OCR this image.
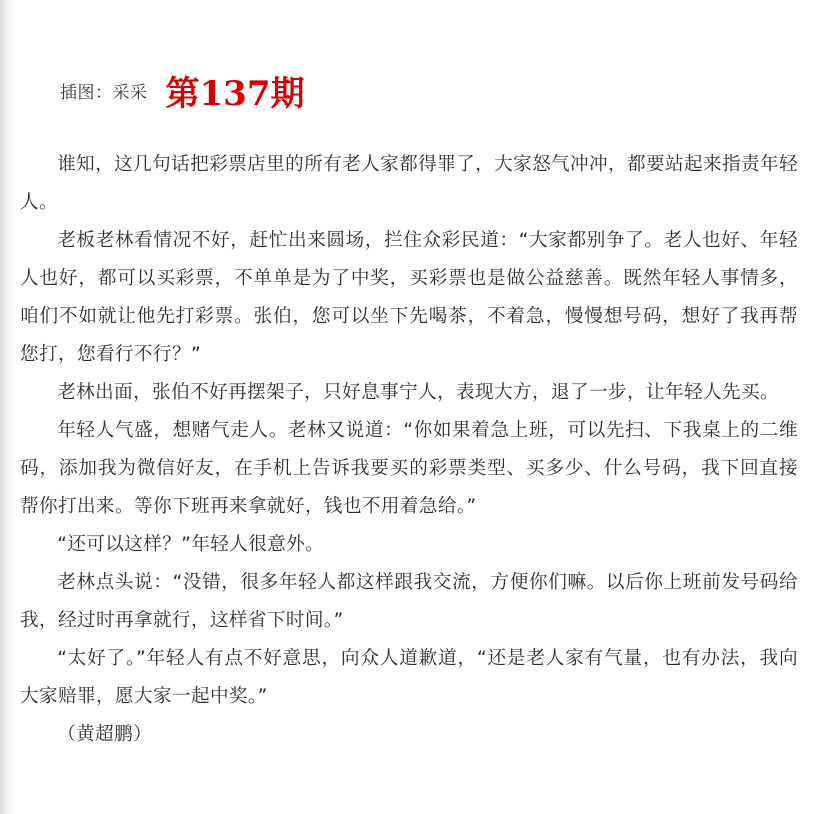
插图：采采 第137期

谁知，这几句话把彩票店里的所有老人家都得罪了，大家怒气冲冲，都要站起来指责年轻人。

老板老林看情况不好，赶忙出来圆场，拦住众彩民道：“大家都别争了。老人也好、年轻人也好，都可以买彩票，不单单是为了中奖，买彩票也是做公益慈善。既然年轻人事情多，咱们不如就让他先打彩票。张伯，您可以坐下先喝茶，不着急，慢慢想号码，想好了我再帮您打，您看行不行？”

老林出面，张伯不好再摆架子，只好息事宁人，表现大方，退了一步，让年轻人先买。

年轻人气盛，想赌气走人。老林又说道：“你如果着急上班，可以先扫、下我桌上的二维码，添加我为微信好友，在手机上告诉我要买的彩票类型、买多少、什么号码，我下回直接帮你打出来。等你下班再来拿就好，钱也不用着急给。”

“还可以这样？”年轻人很意外。

老林点头说：“没错，很多年轻人都这样跟我交流，方便你们嘛。以后你上班前发号码给我，经过时再拿就行，这样省下时间。”

“太好了。”年轻人有点不好意思，向众人道歉道，“还是老人家有气量，也有办法，我向大家赔罪，愿大家一起中奖。”

（黄超鹏）
